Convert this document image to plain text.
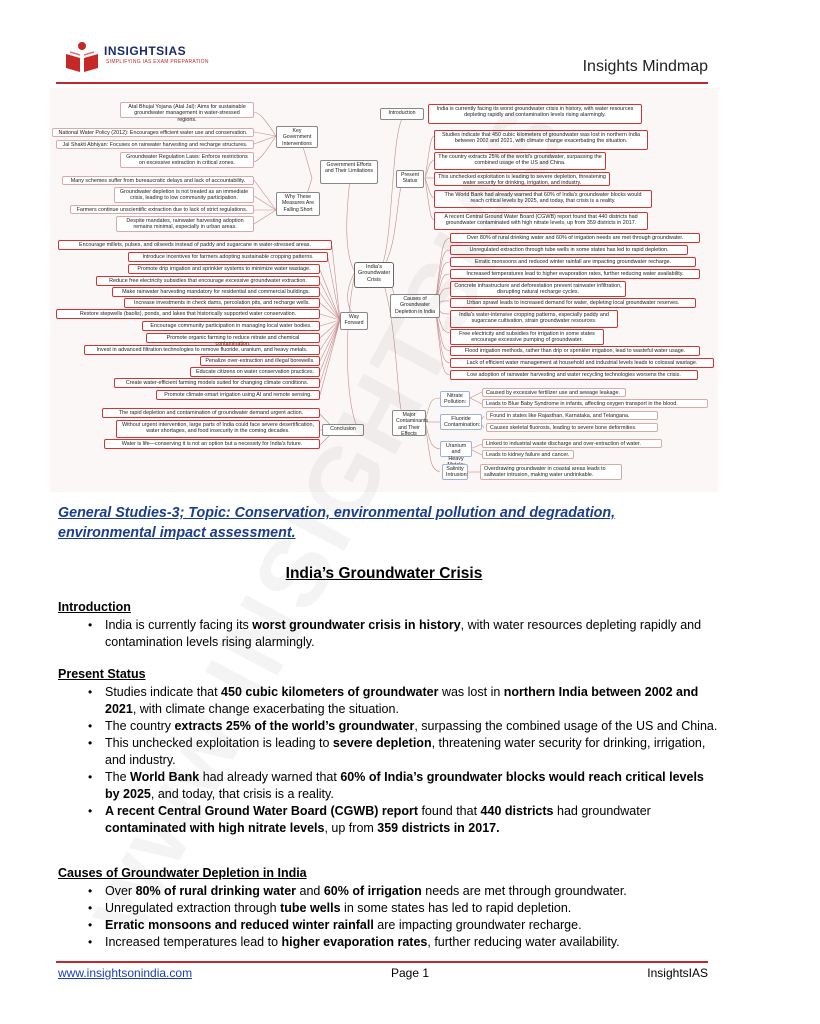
INSIGHTSIAS
SIMPLIFYING IAS EXAM PREPARATION	Insights Mindmap
India's Groundwater Crisis
Introduction
India is currently facing its worst groundwater crisis in history, with water resources depleting rapidly and contamination levels rising alarmingly.
Present Status
Studies indicate that 450 cubic kilometers of groundwater was lost in northern India between 2002 and 2021, with climate change exacerbating the situation.
The country extracts 25% of the world's groundwater, surpassing the combined usage of the US and China.
This unchecked exploitation is leading to severe depletion, threatening water security for drinking, irrigation, and industry.
The World Bank had already warned that 60% of India's groundwater blocks would reach critical levels by 2025, and today, that crisis is a reality.
A recent Central Ground Water Board (CGWB) report found that 440 districts had groundwater contaminated with high nitrate levels, up from 359 districts in 2017.
Causes of Groundwater Depletion in India
Over 80% of rural drinking water and 60% of irrigation needs are met through groundwater.
Unregulated extraction through tube wells in some states has led to rapid depletion.
Erratic monsoons and reduced winter rainfall are impacting groundwater recharge.
Increased temperatures lead to higher evaporation rates, further reducing water availability.
Concrete infrastructure and deforestation prevent rainwater infiltration, disrupting natural recharge cycles.
Urban sprawl leads to increased demand for water, depleting local groundwater reserves.
India's water-intensive cropping patterns, especially paddy and sugarcane cultivation, strain groundwater resources.
Free electricity and subsidies for irrigation in some states encourage excessive pumping of groundwater.
Flood irrigation methods, rather than drip or sprinkler irrigation, lead to wasteful water usage.
Lack of efficient water management at household and industrial levels leads to colossal wastage.
Low adoption of rainwater harvesting and water recycling technologies worsens the crisis.
Major Contaminants and Their Effects
Nitrate Pollution:
Caused by excessive fertilizer use and sewage leakage.
Leads to Blue Baby Syndrome in infants, affecting oxygen transport in the blood.
Fluoride Contamination:
Found in states like Rajasthan, Karnataka, and Telangana.
Causes skeletal fluorosis, leading to severe bone deformities.
Uranium and Heavy
Linked to industrial waste discharge and over-extraction of water.
Leads to kidney failure and cancer.
Salinity Intrusion:
Overdrawing groundwater in coastal areas leads to saltwater intrusion, making water undrinkable.
Government Efforts and Their Limitations
Key Government Interventions
Atal Bhujal Yojana (Atal Jal): Aims for sustainable groundwater management in water-stressed regions.
National Water Policy (2012): Encourages efficient water use and conservation.
Jal Shakti Abhiyan: Focuses on rainwater harvesting and recharge structures.
Groundwater Regulation Laws: Enforce restrictions on excessive extraction in critical zones.
Why These Measures Are Falling Short
Many schemes suffer from bureaucratic delays and lack of accountability.
Groundwater depletion is not treated as an immediate crisis, leading to low community participation.
Farmers continue unscientific extraction due to lack of strict regulations.
Despite mandates, rainwater harvesting adoption remains minimal, especially in urban areas.
Way Forward
Encourage millets, pulses, and oilseeds instead of paddy and sugarcane in water-stressed areas.
Introduce incentives for farmers adopting sustainable cropping patterns.
Promote drip irrigation and sprinkler systems to minimize water wastage.
Reduce free electricity subsidies that encourage excessive groundwater extraction.
Make rainwater harvesting mandatory for residential and commercial buildings.
Increase investments in check dams, percolation pits, and recharge wells.
Restore stepwells (baolis), ponds, and lakes that historically supported water conservation.
Encourage community participation in managing local water bodies.
Promote organic farming to reduce nitrate and chemical
Invest in advanced filtration technologies to remove fluoride, uranium, and heavy metals.
Penalize over-extraction and illegal borewells.
Educate citizens on water conservation practices.
Create water-efficient farming models suited for changing climate conditions.
Promote climate-smart irrigation using AI and remote sensing.
Conclusion
The rapid depletion and contamination of groundwater demand urgent action.
Without urgent intervention, large parts of India could face severe desertification, water shortages, and food insecurity in the coming decades.
Water is life—conserving it is not an option but a necessity for India's future.
General Studies-3; Topic: Conservation, environmental pollution and degradation, environmental impact assessment.
India’s Groundwater Crisis
Introduction
• India is currently facing its worst groundwater crisis in history, with water resources depleting rapidly and contamination levels rising alarmingly.
Present Status
• Studies indicate that 450 cubic kilometers of groundwater was lost in northern India between 2002 and 2021, with climate change exacerbating the situation.
• The country extracts 25% of the world’s groundwater, surpassing the combined usage of the US and China.
• This unchecked exploitation is leading to severe depletion, threatening water security for drinking, irrigation, and industry.
• The World Bank had already warned that 60% of India’s groundwater blocks would reach critical levels by 2025, and today, that crisis is a reality.
• A recent Central Ground Water Board (CGWB) report found that 440 districts had groundwater contaminated with high nitrate levels, up from 359 districts in 2017.
Causes of Groundwater Depletion in India
• Over 80% of rural drinking water and 60% of irrigation needs are met through groundwater.
• Unregulated extraction through tube wells in some states has led to rapid depletion.
• Erratic monsoons and reduced winter rainfall are impacting groundwater recharge.
• Increased temperatures lead to higher evaporation rates, further reducing water availability.
www.insightsonindia.com	Page 1	InsightsIAS
